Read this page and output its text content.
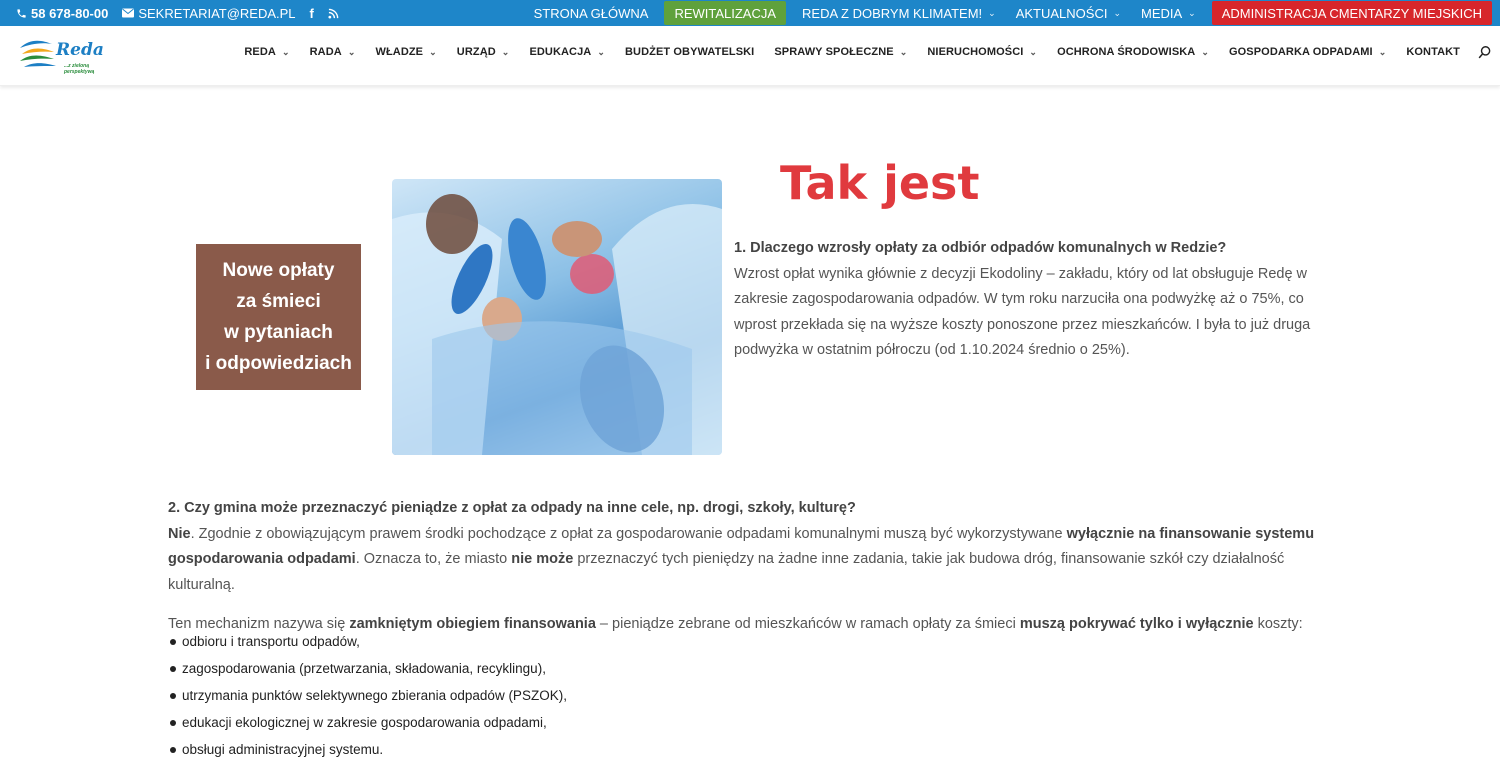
58 678-80-00 SEKRETARIAT@REDA.PL f	STRONA GŁÓWNA REWITALIZACJA REDA Z DOBRYM KLIMATEM! ⌄ AKTUALNOŚCI ⌄ MEDIA ⌄ ADMINISTRACJA CMENTARZY MIEJSKICH
Reda
...z zieloną perspektywą
REDA ⌄ RADA ⌄ WŁADZE ⌄ URZĄD ⌄ EDUKACJA ⌄ BUDŻET OBYWATELSKI SPRAWY SPOŁECZNE ⌄ NIERUCHOMOŚCI ⌄ OCHRONA ŚRODOWISKA ⌄ GOSPODARKA ODPADAMI ⌄ KONTAKT
Nowe opłaty
za śmieci
w pytaniach
i odpowiedziach
Tak jest
1. Dlaczego wzrosły opłaty za odbiór odpadów komunalnych w Redzie?
Wzrost opłat wynika głównie z decyzji Ekodoliny – zakładu, który od lat obsługuje Redę w zakresie zagospodarowania odpadów. W tym roku narzuciła ona podwyżkę aż o 75%, co wprost przekłada się na wyższe koszty ponoszone przez mieszkańców. I była to już druga podwyżka w ostatnim półroczu (od 1.10.2024 średnio o 25%).
2. Czy gmina może przeznaczyć pieniądze z opłat za odpady na inne cele, np. drogi, szkoły, kulturę?
Nie. Zgodnie z obowiązującym prawem środki pochodzące z opłat za gospodarowanie odpadami komunalnymi muszą być wykorzystywane wyłącznie na finansowanie systemu gospodarowania odpadami. Oznacza to, że miasto nie może przeznaczyć tych pieniędzy na żadne inne zadania, takie jak budowa dróg, finansowanie szkół czy działalność kulturalną.
Ten mechanizm nazywa się zamkniętym obiegiem finansowania – pieniądze zebrane od mieszkańców w ramach opłaty za śmieci muszą pokrywać tylko i wyłącznie koszty:
odbioru i transportu odpadów,
zagospodarowania (przetwarzania, składowania, recyklingu),
utrzymania punktów selektywnego zbierania odpadów (PSZOK),
edukacji ekologicznej w zakresie gospodarowania odpadami,
obsługi administracyjnej systemu.
